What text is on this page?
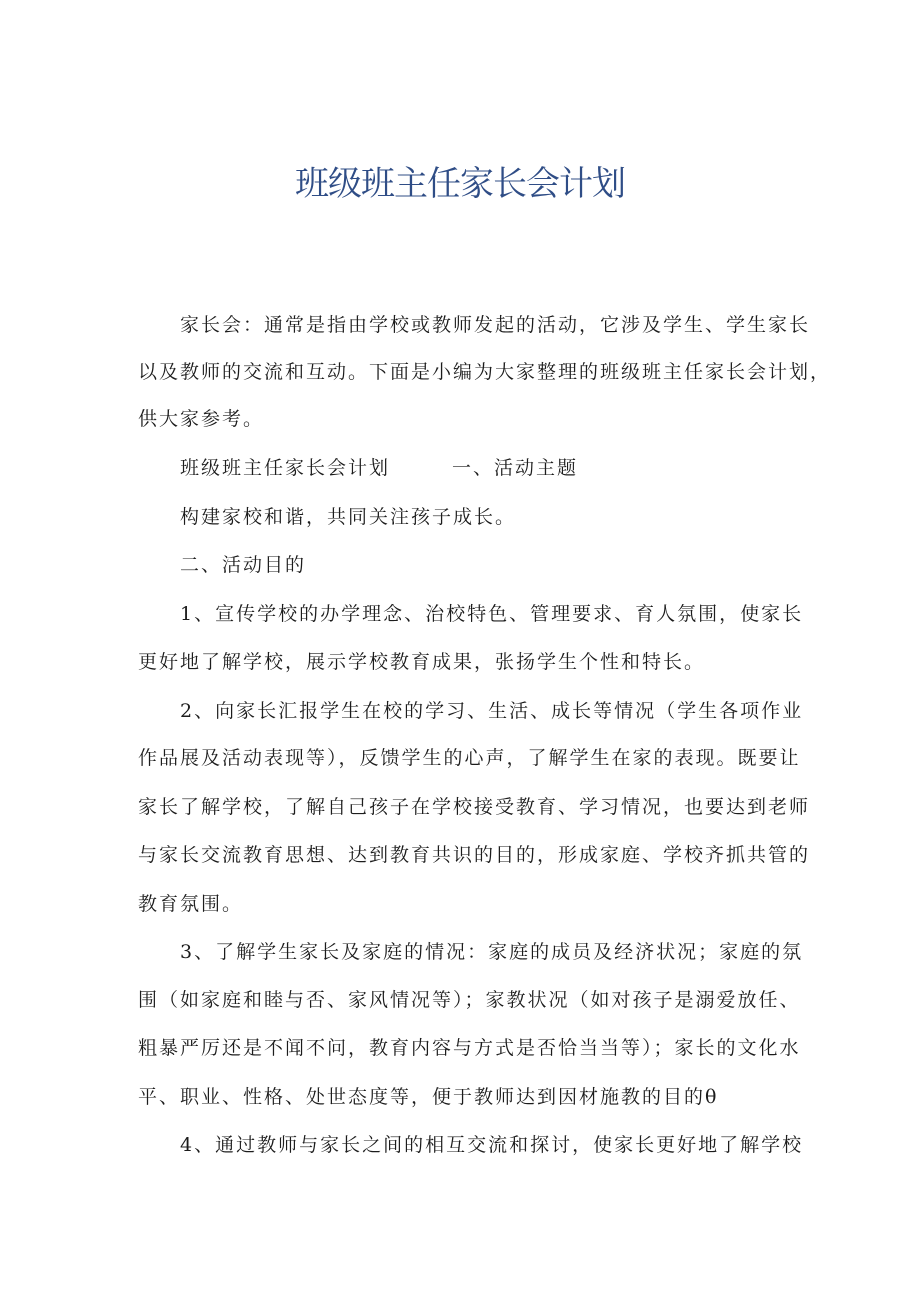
班级班主任家长会计划
家长会：通常是指由学校或教师发起的活动，它涉及学生、学生家长
以及教师的交流和互动。下面是小编为大家整理的班级班主任家长会计划，
供大家参考。
班级班主任家长会计划	一、活动主题
构建家校和谐，共同关注孩子成长。
二、活动目的
1、宣传学校的办学理念、治校特色、管理要求、育人氛围，使家长
更好地了解学校，展示学校教育成果，张扬学生个性和特长。
2、向家长汇报学生在校的学习、生活、成长等情况（学生各项作业
作品展及活动表现等），反馈学生的心声，了解学生在家的表现。既要让
家长了解学校，了解自己孩子在学校接受教育、学习情况，也要达到老师
与家长交流教育思想、达到教育共识的目的，形成家庭、学校齐抓共管的
教育氛围。
3、了解学生家长及家庭的情况：家庭的成员及经济状况；家庭的氛
围（如家庭和睦与否、家风情况等）；家教状况（如对孩子是溺爱放任、
粗暴严厉还是不闻不问，教育内容与方式是否恰当当等）；家长的文化水
平、职业、性格、处世态度等，便于教师达到因材施教的目的θ
4、通过教师与家长之间的相互交流和探讨，使家长更好地了解学校
